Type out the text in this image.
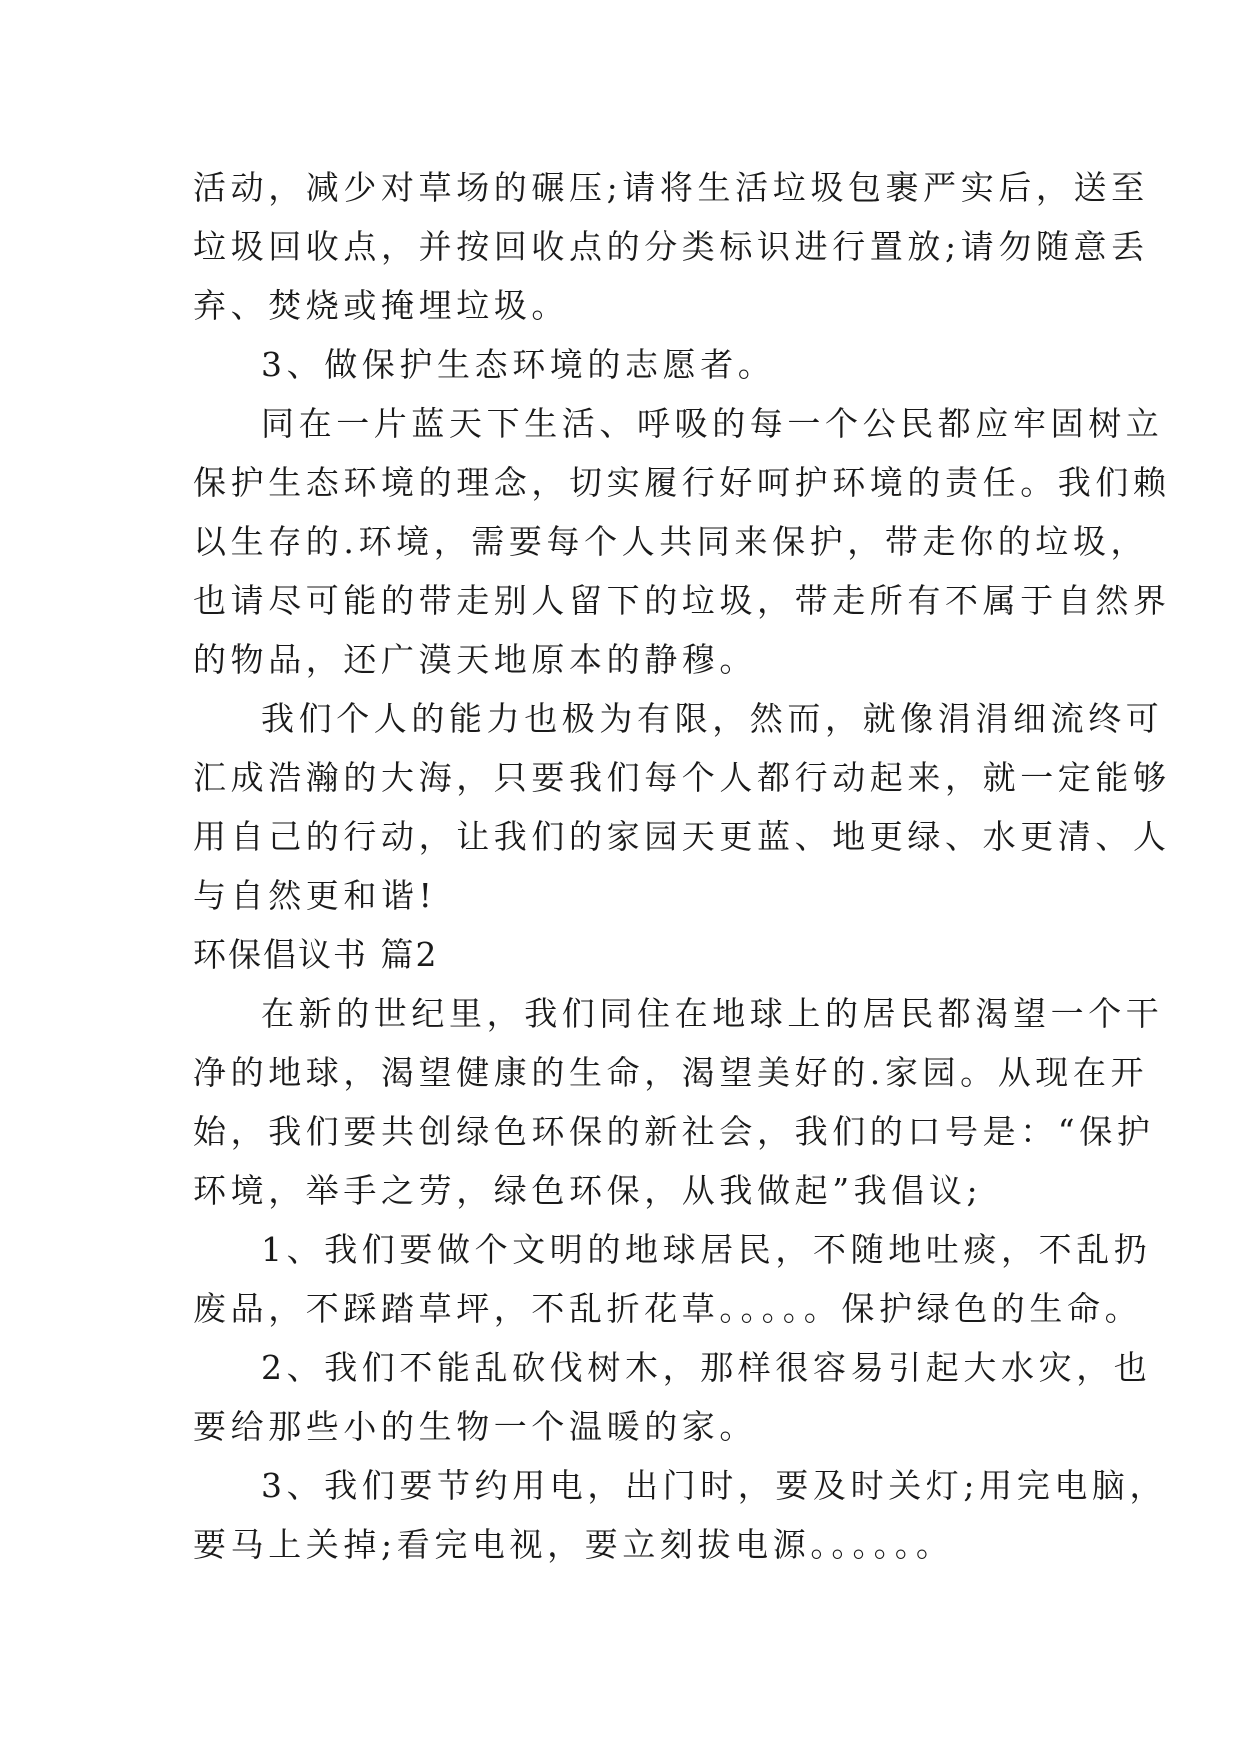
活动，减少对草场的碾压;请将生活垃圾包裹严实后，送至
垃圾回收点，并按回收点的分类标识进行置放;请勿随意丢
弃、焚烧或掩埋垃圾。
3、做保护生态环境的志愿者。
同在一片蓝天下生活、呼吸的每一个公民都应牢固树立
保护生态环境的理念，切实履行好呵护环境的责任。我们赖
以生存的.环境，需要每个人共同来保护，带走你的垃圾，
也请尽可能的带走别人留下的垃圾，带走所有不属于自然界
的物品，还广漠天地原本的静穆。
我们个人的能力也极为有限，然而，就像涓涓细流终可
汇成浩瀚的大海，只要我们每个人都行动起来，就一定能够
用自己的行动，让我们的家园天更蓝、地更绿、水更清、人
与自然更和谐!
环保倡议书 篇2
在新的世纪里，我们同住在地球上的居民都渴望一个干
净的地球，渴望健康的生命，渴望美好的.家园。从现在开
始，我们要共创绿色环保的新社会，我们的口号是：“保护
环境，举手之劳，绿色环保，从我做起”我倡议;
1、我们要做个文明的地球居民，不随地吐痰，不乱扔
废品，不踩踏草坪，不乱折花草。。。。。保护绿色的生命。
2、我们不能乱砍伐树木，那样很容易引起大水灾，也
要给那些小的生物一个温暖的家。
3、我们要节约用电，出门时，要及时关灯;用完电脑，
要马上关掉;看完电视，要立刻拔电源。。。。。。
